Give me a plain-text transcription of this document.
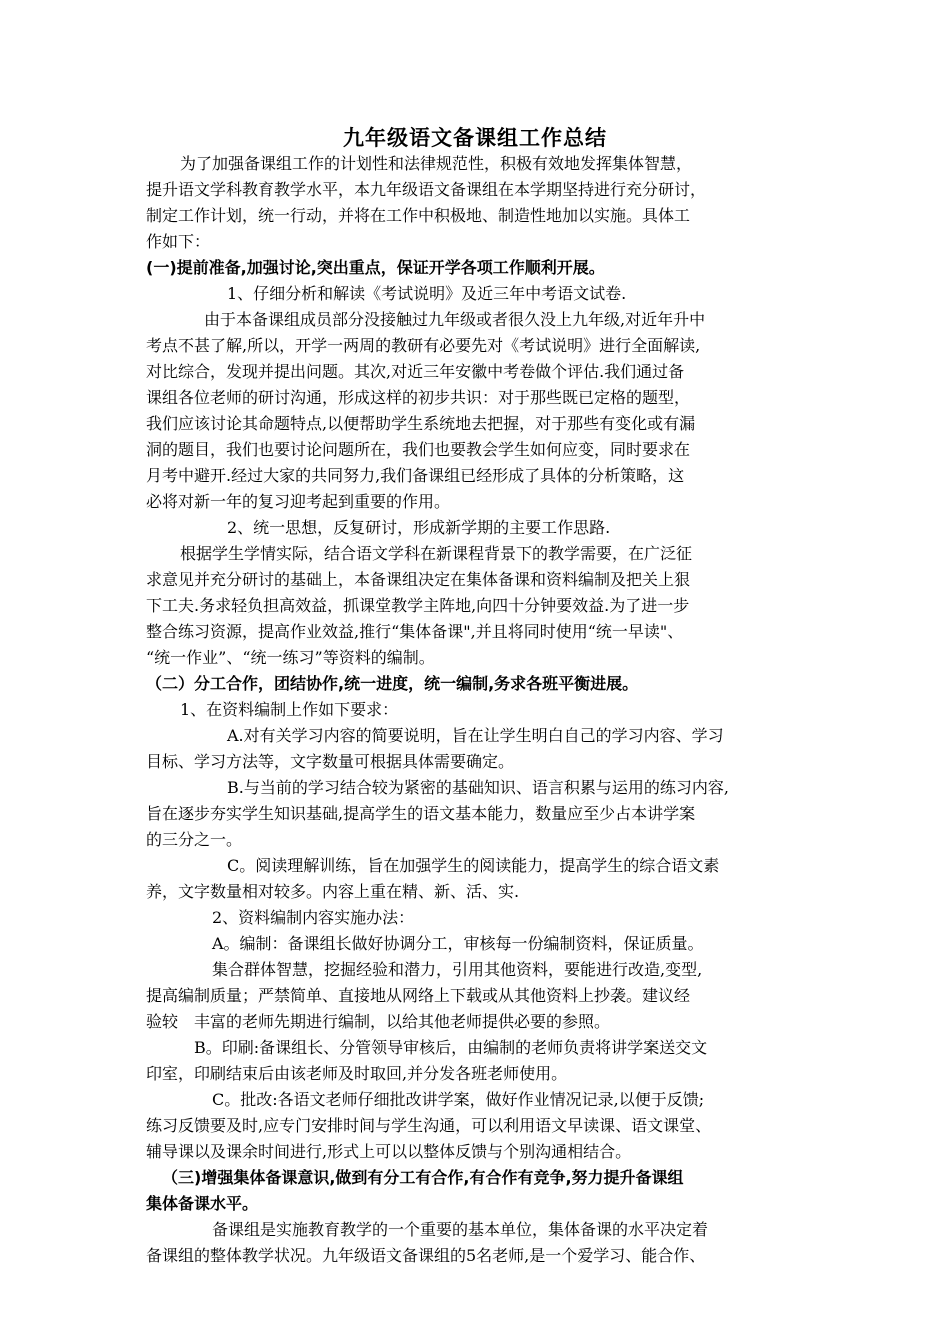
九年级语文备课组工作总结
为了加强备课组工作的计划性和法律规范性，积极有效地发挥集体智慧，
提升语文学科教育教学水平，本九年级语文备课组在本学期坚持进行充分研讨，
制定工作计划，统一行动，并将在工作中积极地、制造性地加以实施。具体工
作如下：
(一)提前准备,加强讨论,突出重点，保证开学各项工作顺利开展。
1、仔细分析和解读《考试说明》及近三年中考语文试卷.
由于本备课组成员部分没接触过九年级或者很久没上九年级,对近年升中
考点不甚了解,所以，开学一两周的教研有必要先对《考试说明》进行全面解读,
对比综合，发现并提出问题。其次,对近三年安徽中考卷做个评估.我们通过备
课组各位老师的研讨沟通，形成这样的初步共识：对于那些既已定格的题型，
我们应该讨论其命题特点,以便帮助学生系统地去把握，对于那些有变化或有漏
洞的题目，我们也要讨论问题所在，我们也要教会学生如何应变，同时要求在
月考中避开.经过大家的共同努力,我们备课组已经形成了具体的分析策略，这
必将对新一年的复习迎考起到重要的作用。
2、统一思想，反复研讨，形成新学期的主要工作思路.
根据学生学情实际，结合语文学科在新课程背景下的教学需要，在广泛征
求意见并充分研讨的基础上，本备课组决定在集体备课和资料编制及把关上狠
下工夫.务求轻负担高效益，抓课堂教学主阵地,向四十分钟要效益.为了进一步
整合练习资源，提高作业效益,推行“集体备课",并且将同时使用“统一早读"、
“统一作业”、“统一练习”等资料的编制。
（二）分工合作，团结协作,统一进度，统一编制,务求各班平衡进展。
1、在资料编制上作如下要求：
A.对有关学习内容的简要说明，旨在让学生明白自己的学习内容、学习
目标、学习方法等，文字数量可根据具体需要确定。
B.与当前的学习结合较为紧密的基础知识、语言积累与运用的练习内容,
旨在逐步夯实学生知识基础,提高学生的语文基本能力，数量应至少占本讲学案
的三分之一。
C。阅读理解训练，旨在加强学生的阅读能力，提高学生的综合语文素
养，文字数量相对较多。内容上重在精、新、活、实.
2、资料编制内容实施办法：
A。编制：备课组长做好协调分工，审核每一份编制资料，保证质量。
集合群体智慧，挖掘经验和潜力，引用其他资料，要能进行改造,变型,
提高编制质量；严禁简单、直接地从网络上下载或从其他资料上抄袭。建议经
验较　丰富的老师先期进行编制，以给其他老师提供必要的参照。
B。印刷:备课组长、分管领导审核后，由编制的老师负责将讲学案送交文
印室，印刷结束后由该老师及时取回,并分发各班老师使用。
C。批改:各语文老师仔细批改讲学案，做好作业情况记录,以便于反馈;
练习反馈要及时,应专门安排时间与学生沟通，可以利用语文早读课、语文课堂、
辅导课以及课余时间进行,形式上可以以整体反馈与个别沟通相结合。
（三)增强集体备课意识,做到有分工有合作,有合作有竞争,努力提升备课组
集体备课水平。
备课组是实施教育教学的一个重要的基本单位，集体备课的水平决定着
备课组的整体教学状况。九年级语文备课组的5名老师,是一个爱学习、能合作、
